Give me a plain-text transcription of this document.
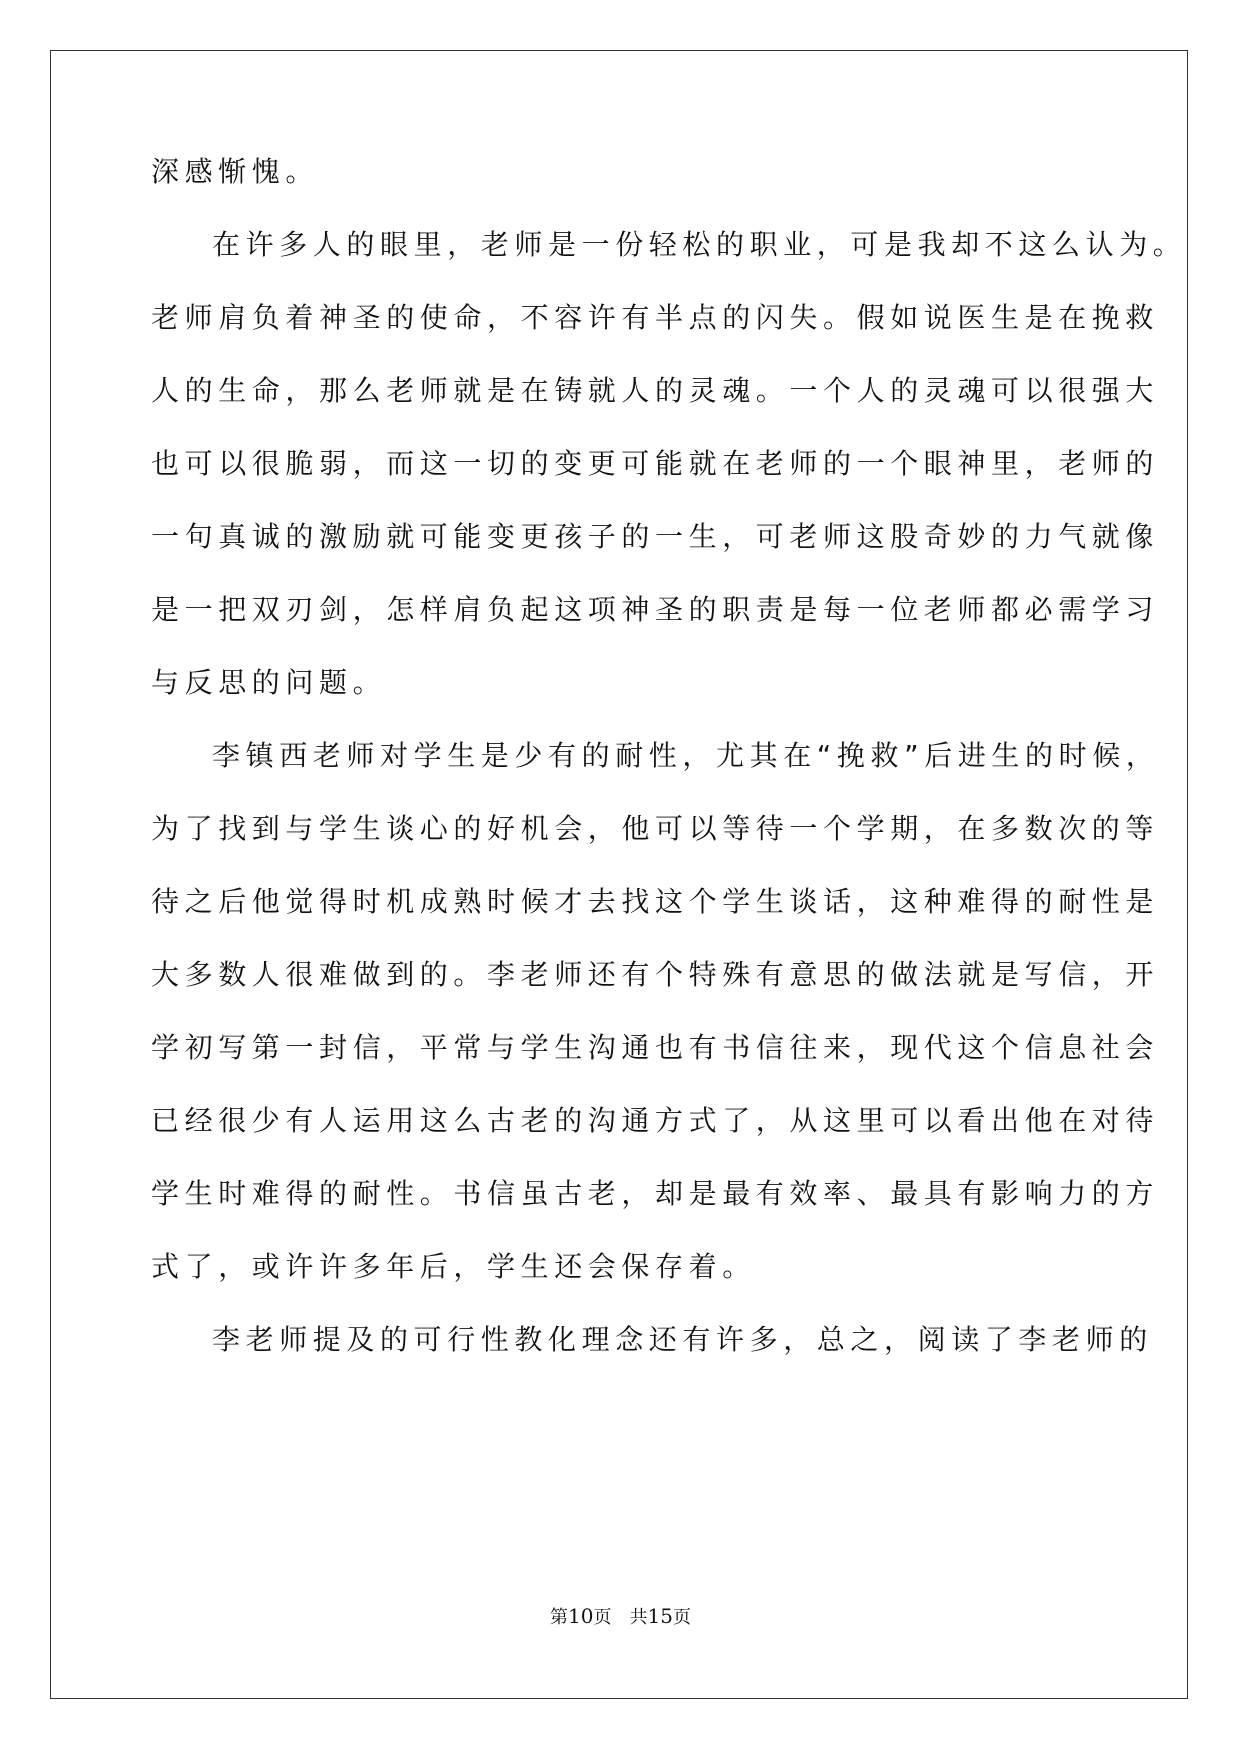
深感惭愧。

在许多人的眼里，老师是一份轻松的职业，可是我却不这么认为。

老师肩负着神圣的使命，不容许有半点的闪失。假如说医生是在挽救

人的生命，那么老师就是在铸就人的灵魂。一个人的灵魂可以很强大

也可以很脆弱，而这一切的变更可能就在老师的一个眼神里，老师的

一句真诚的激励就可能变更孩子的一生，可老师这股奇妙的力气就像

是一把双刃剑，怎样肩负起这项神圣的职责是每一位老师都必需学习

与反思的问题。

李镇西老师对学生是少有的耐性，尤其在“挽救”后进生的时候，

为了找到与学生谈心的好机会，他可以等待一个学期，在多数次的等

待之后他觉得时机成熟时候才去找这个学生谈话，这种难得的耐性是

大多数人很难做到的。李老师还有个特殊有意思的做法就是写信，开

学初写第一封信，平常与学生沟通也有书信往来，现代这个信息社会

已经很少有人运用这么古老的沟通方式了，从这里可以看出他在对待

学生时难得的耐性。书信虽古老，却是最有效率、最具有影响力的方

式了，或许许多年后，学生还会保存着。

李老师提及的可行性教化理念还有许多，总之，阅读了李老师的

第10页　共15页
